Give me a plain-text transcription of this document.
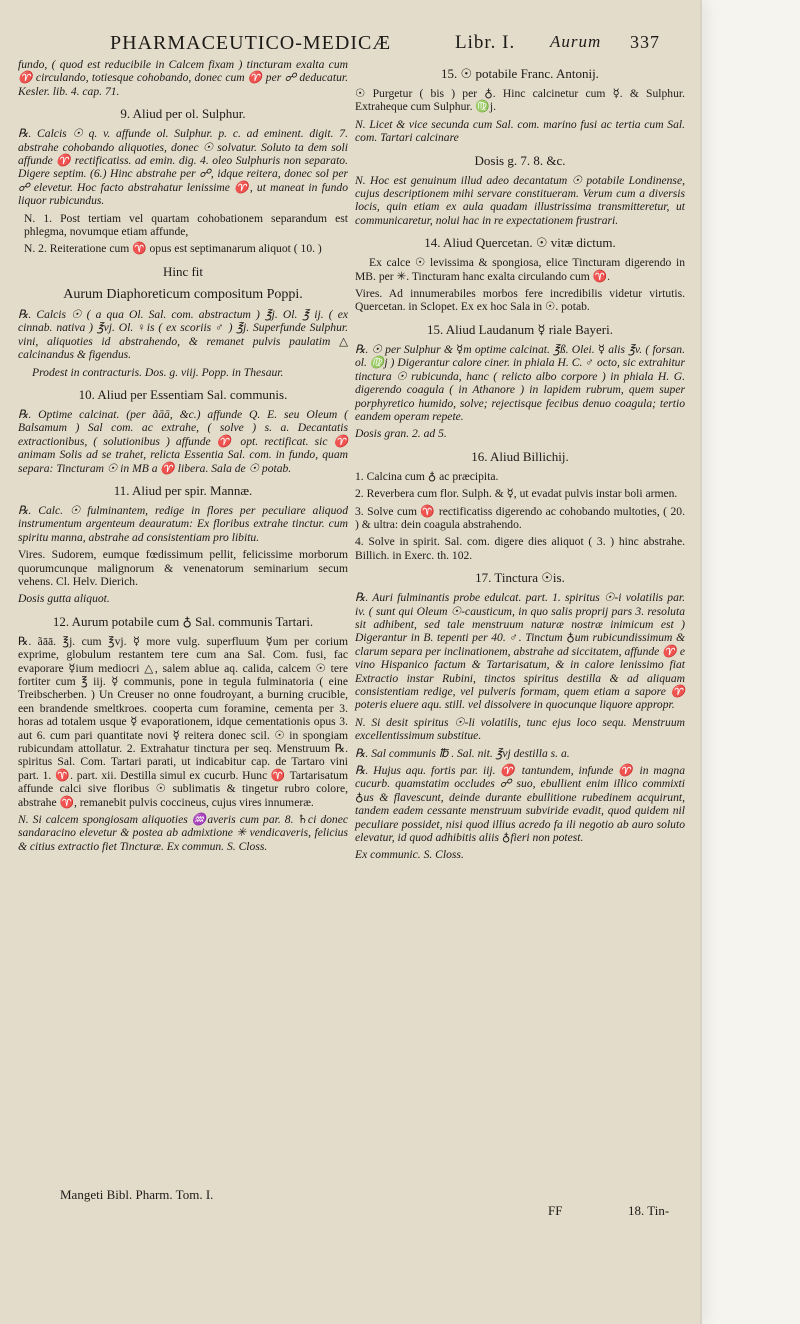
PHARMACEUTICO-MEDICÆ	Libr. I. Aurum 337

fundo, ( quod est reducibile in Calcem fixam ) tincturam exalta cum ♈ circulando, totiesque cohobando, donec cum ♈ per ☍ deducatur. Kesler. lib. 4. cap. 71.

9. Aliud per ol. Sulphur.

℞. Calcis ☉ q. v. affunde ol. Sulphur. p. c. ad eminent. digit. 7. abstrahe cohobando aliquoties, donec ☉ solvatur. Soluto ta dem soli affunde ♈ rectificatiss. ad emin. dig. 4. oleo Sulphuris non separato. Digere septim. (6.) Hinc abstrahe per ☍, idque reitera, donec sol per ☍ elevetur. Hoc facto abstrahatur lenissime ♈, ut maneat in fundo liquor rubicundus.

N. 1. Post tertiam vel quartam cohobationem separandum est phlegma, novumque etiam affunde,

N. 2. Reiteratione cum ♈ opus est septimanarum aliquot ( 10. )

Hinc fit

Aurum Diaphoreticum compositum Poppi.

℞. Calcis ☉ ( a qua Ol. Sal. com. abstractum ) ℥j. Ol. ℥ ij. ( ex cinnab. nativa ) ℥vj. Ol. ♀is ( ex scoriis ♂ ) ℥j. Superfunde Sulphur. vini, aliquoties id abstrahendo, & remanet pulvis paulatim △ calcinandus & figendus.

Prodest in contracturis. Dos. g. viij. Popp. in Thesaur.

10. Aliud per Essentiam Sal. communis.

℞. Optime calcinat. (per ãāā, &c.) affunde Q. E. seu Oleum ( Balsamum ) Sal com. ac extrahe, ( solve ) s. a. Decantatis extractionibus, ( solutionibus ) affunde ♈ opt. rectificat. sic ♈ animam Solis ad se trahet, relicta Essentia Sal. com. in fundo, quam separa: Tincturam ☉ in MB a ♈ libera. Sala de ☉ potab.

11. Aliud per spir. Mannæ.

℞. Calc. ☉ fulminantem, redige in flores per peculiare aliquod instrumentum argenteum deauratum: Ex floribus extrahe tinctur. cum spiritu manna, abstrahe ad consistentiam pro libitu.

Vires. Sudorem, eumque fœdissimum pellit, felicissime morborum quorumcunque malignorum & venenatorum seminarium secum vehens. Cl. Helv. Dierich.

Dosis gutta aliquot.

12. Aurum potabile cum ♁ Sal. communis Tartari.

℞. ãāā. ℥j. cum ℥vj. ☿ more vulg. superfluum ☿um per corium exprime, globulum restantem tere cum ana Sal. Com. fusi, fac evaporare ☿ium mediocri △, salem ablue aq. calida, calcem ☉ tere fortiter cum ℥ iij. ☿ communis, pone in tegula fulminatoria ( eine Treibscherben. ) Un Creuser no onne foudroyant, a burning crucible, een brandende smeltkroes. cooperta cum foramine, cementa per 3. horas ad totalem usque ☿ evaporationem, idque cementationis opus 3. aut 6. cum pari quantitate novi ☿ reitera donec scil. ☉ in spongiam rubicundam attollatur. 2. Extrahatur tinctura per seq. Menstruum ℞. spiritus Sal. Com. Tartari parati, ut indicabitur cap. de Tartaro vini part. 1. ♈. part. xii. Destilla simul ex cucurb. Hunc ♈ Tartarisatum affunde calci sive floribus ☉ sublimatis & tingetur rubro colore, abstrahe ♈, remanebit pulvis coccineus, cujus vires innumeræ.

N. Si calcem spongiosam aliquoties ♒averis cum par. 8. ♄ci donec sandaracino elevetur & postea ab admixtione ✳ vendicaveris, felicius & citius extractio fiet Tincturæ. Ex commun. S. Closs.

15. ☉ potabile Franc. Antonij.

☉ Purgetur ( bis ) per ♁. Hinc calcinetur cum ☿. & Sulphur. Extraheque cum Sulphur. ♍j.

N. Licet & vice secunda cum Sal. com. marino fusi ac tertia cum Sal. com. Tartari calcinare

Dosis g. 7. 8. &c.

N. Hoc est genuinum illud adeo decantatum ☉ potabile Londinense, cujus descriptionem mihi servare constitueram. Verum cum a diversis locis, quin etiam ex aula quadam illustrissima transmitteretur, ut communicaretur, nolui hac in re expectationem frustrari.

14. Aliud Quercetan. ☉ vitæ dictum.

Ex calce ☉ levissima & spongiosa, elice Tincturam digerendo in MB. per ✳. Tincturam hanc exalta circulando cum ♈.

Vires. Ad innumerabiles morbos fere incredibilis videtur virtutis. Quercetan. in Sclopet. Ex ex hoc Sala in ☉. potab.

15. Aliud Laudanum ☿ riale Bayeri.

℞. ☉ per Sulphur & ☿m optime calcinat. ℥ß. Olei. ☿ alis ℥v. ( forsan. ol. ♍j ) Digerantur calore ciner. in phiala H. C. ♂ octo, sic extrahitur tinctura ☉ rubicunda, hanc ( relicto albo corpore ) in phiala H. G. digerendo coagula ( in Athanore ) in lapidem rubrum, quem super porphyretico humido, solve; rejectisque fecibus denuo coagula; tertio eandem operam repete.

Dosis gran. 2. ad 5.

16. Aliud Billichij.

1. Calcina cum ♁ ac præcipita.

2. Reverbera cum flor. Sulph. & ☿, ut evadat pulvis instar boli armen.

3. Solve cum ♈ rectificatiss digerendo ac cohobando multoties, ( 20. ) & ultra: dein coagula abstrahendo.

4. Solve in spirit. Sal. com. digere dies aliquot ( 3. ) hinc abstrahe. Billich. in Exerc. th. 102.

17. Tinctura ☉is.

℞. Auri fulminantis probe edulcat. part. 1. spiritus ☉-i volatilis par. iv. ( sunt qui Oleum ☉-causticum, in quo salis proprij pars 3. resoluta sit adhibent, sed tale menstruum naturæ nostræ inimicum est ) Digerantur in B. tepenti per 40. ♂. Tinctum ♁um rubicundissimum & clarum separa per inclinationem, abstrahe ad siccitatem, affunde ♈ e vino Hispanico factum & Tartarisatum, & in calore lenissimo fiat Extractio instar Rubini, tinctos spiritus destilla & ad aliquam consistentiam redige, vel pulveris formam, quem etiam a sapore ♈ poteris eluere aqu. still. vel dissolvere in quocunque liquore appropr.

N. Si desit spiritus ☉-li volatilis, tunc ejus loco sequ. Menstruum excellentissimum substitue.

℞. Sal communis ℔ . Sal. nit. ℥vj destilla s. a.

℞. Hujus aqu. fortis par. iij. ♈ tantundem, infunde ♈ in magna cucurb. quamstatim occludes ☍ suo, ebullient enim illico commixti ♁us & flavescunt, deinde durante ebullitione rubedinem acquirunt, tandem eadem cessante menstruum subviride evadit, quod quidem nil peculiare possidet, nisi quod illius acredo fa ili negotio ab auro soluto elevatur, id quod adhibitis aliis ♁fieri non potest.

Ex communic. S. Closs.

Mangeti Bibl. Pharm. Tom. I.
FF	18. Tin-
